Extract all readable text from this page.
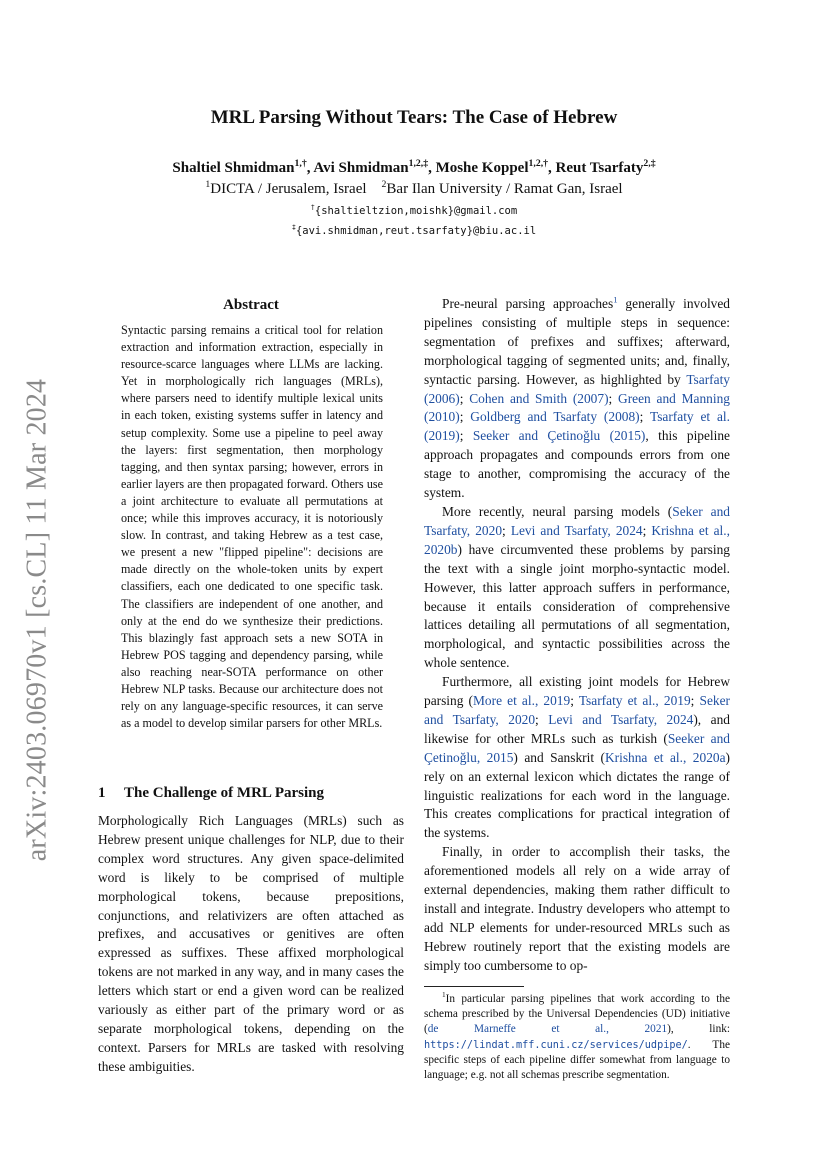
arXiv:2403.06970v1 [cs.CL] 11 Mar 2024
MRL Parsing Without Tears: The Case of Hebrew
Shaltiel Shmidman$^{1,\dagger}$, Avi Shmidman$^{1,2,\ddagger}$, Moshe Koppel$^{1,2,\dagger}$, Reut Tsarfaty$^{2,\ddagger}$
$^1$DICTA / Jerusalem, Israel $^2$Bar Ilan University / Ramat Gan, Israel
†{shaltieltzion,moishk}@gmail.com
‡{avi.shmidman,reut.tsarfaty}@biu.ac.il
Abstract
Syntactic parsing remains a critical tool for relation extraction and information extraction, especially in resource-scarce languages where LLMs are lacking. Yet in morphologically rich languages (MRLs), where parsers need to identify multiple lexical units in each token, existing systems suffer in latency and setup complexity. Some use a pipeline to peel away the layers: first segmentation, then morphology tagging, and then syntax parsing; however, errors in earlier layers are then propagated forward. Others use a joint architecture to evaluate all permutations at once; while this improves accuracy, it is notoriously slow. In contrast, and taking Hebrew as a test case, we present a new "flipped pipeline": decisions are made directly on the whole-token units by expert classifiers, each one dedicated to one specific task. The classifiers are independent of one another, and only at the end do we synthesize their predictions. This blazingly fast approach sets a new SOTA in Hebrew POS tagging and dependency parsing, while also reaching near-SOTA performance on other Hebrew NLP tasks. Because our architecture does not rely on any language-specific resources, it can serve as a model to develop similar parsers for other MRLs.
1 The Challenge of MRL Parsing

Morphologically Rich Languages (MRLs) such as Hebrew present unique challenges for NLP, due to their complex word structures. Any given space-delimited word is likely to be comprised of multiple morphological tokens, because prepositions, conjunctions, and relativizers are often attached as prefixes, and accusatives or genitives are often expressed as suffixes. These affixed morphological tokens are not marked in any way, and in many cases the letters which start or end a given word can be realized variously as either part of the primary word or as separate morphological tokens, depending on the context. Parsers for MRLs are tasked with resolving these ambiguities.

Pre-neural parsing approaches$^1$ generally involved pipelines consisting of multiple steps in sequence: segmentation of prefixes and suffixes; afterward, morphological tagging of segmented units; and, finally, syntactic parsing. However, as highlighted by Tsarfaty (2006); Cohen and Smith (2007); Green and Manning (2010); Goldberg and Tsarfaty (2008); Tsarfaty et al. (2019); Seeker and Çetinoğlu (2015), this pipeline approach propagates and compounds errors from one stage to another, compromising the accuracy of the system.

More recently, neural parsing models (Seker and Tsarfaty, 2020; Levi and Tsarfaty, 2024; Krishna et al., 2020b) have circumvented these problems by parsing the text with a single joint morpho-syntactic model. However, this latter approach suffers in performance, because it entails consideration of comprehensive lattices detailing all permutations of all segmentation, morphological, and syntactic possibilities across the whole sentence.

Furthermore, all existing joint models for Hebrew parsing (More et al., 2019; Tsarfaty et al., 2019; Seker and Tsarfaty, 2020; Levi and Tsarfaty, 2024), and likewise for other MRLs such as turkish (Seeker and Çetinoğlu, 2015) and Sanskrit (Krishna et al., 2020a) rely on an external lexicon which dictates the range of linguistic realizations for each word in the language. This creates complications for practical integration of the systems.

Finally, in order to accomplish their tasks, the aforementioned models all rely on a wide array of external dependencies, making them rather difficult to install and integrate. Industry developers who attempt to add NLP elements for under-resourced MRLs such as Hebrew routinely report that the existing models are simply too cumbersome to op-

$^1$In particular parsing pipelines that work according to the schema prescribed by the Universal Dependencies (UD) initiative (de Marneffe et al., 2021), link: https://lindat.mff.cuni.cz/services/udpipe/. The specific steps of each pipeline differ somewhat from language to language; e.g. not all schemas prescribe segmentation.
